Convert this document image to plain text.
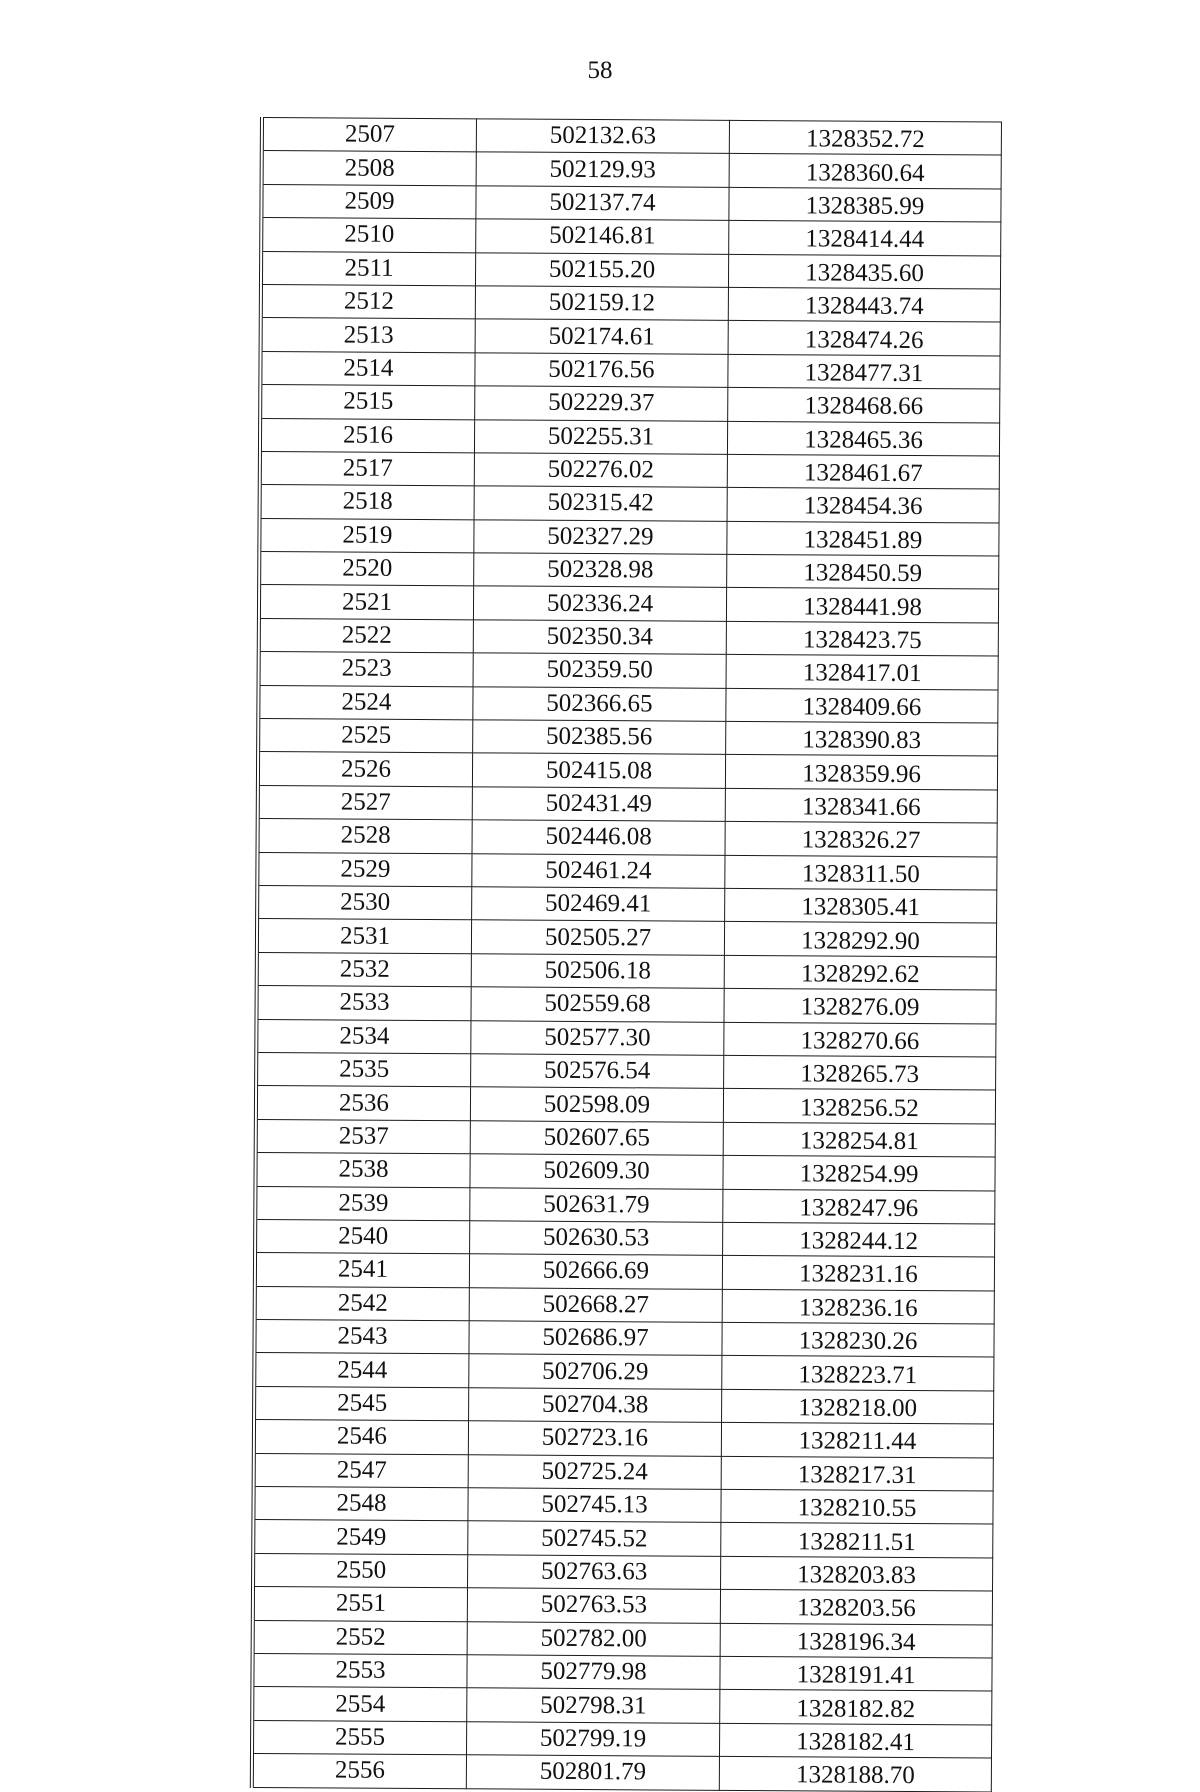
58
2507	502132.63	1328352.72
2508	502129.93	1328360.64
2509	502137.74	1328385.99
2510	502146.81	1328414.44
2511	502155.20	1328435.60
2512	502159.12	1328443.74
2513	502174.61	1328474.26
2514	502176.56	1328477.31
2515	502229.37	1328468.66
2516	502255.31	1328465.36
2517	502276.02	1328461.67
2518	502315.42	1328454.36
2519	502327.29	1328451.89
2520	502328.98	1328450.59
2521	502336.24	1328441.98
2522	502350.34	1328423.75
2523	502359.50	1328417.01
2524	502366.65	1328409.66
2525	502385.56	1328390.83
2526	502415.08	1328359.96
2527	502431.49	1328341.66
2528	502446.08	1328326.27
2529	502461.24	1328311.50
2530	502469.41	1328305.41
2531	502505.27	1328292.90
2532	502506.18	1328292.62
2533	502559.68	1328276.09
2534	502577.30	1328270.66
2535	502576.54	1328265.73
2536	502598.09	1328256.52
2537	502607.65	1328254.81
2538	502609.30	1328254.99
2539	502631.79	1328247.96
2540	502630.53	1328244.12
2541	502666.69	1328231.16
2542	502668.27	1328236.16
2543	502686.97	1328230.26
2544	502706.29	1328223.71
2545	502704.38	1328218.00
2546	502723.16	1328211.44
2547	502725.24	1328217.31
2548	502745.13	1328210.55
2549	502745.52	1328211.51
2550	502763.63	1328203.83
2551	502763.53	1328203.56
2552	502782.00	1328196.34
2553	502779.98	1328191.41
2554	502798.31	1328182.82
2555	502799.19	1328182.41
2556	502801.79	1328188.70
